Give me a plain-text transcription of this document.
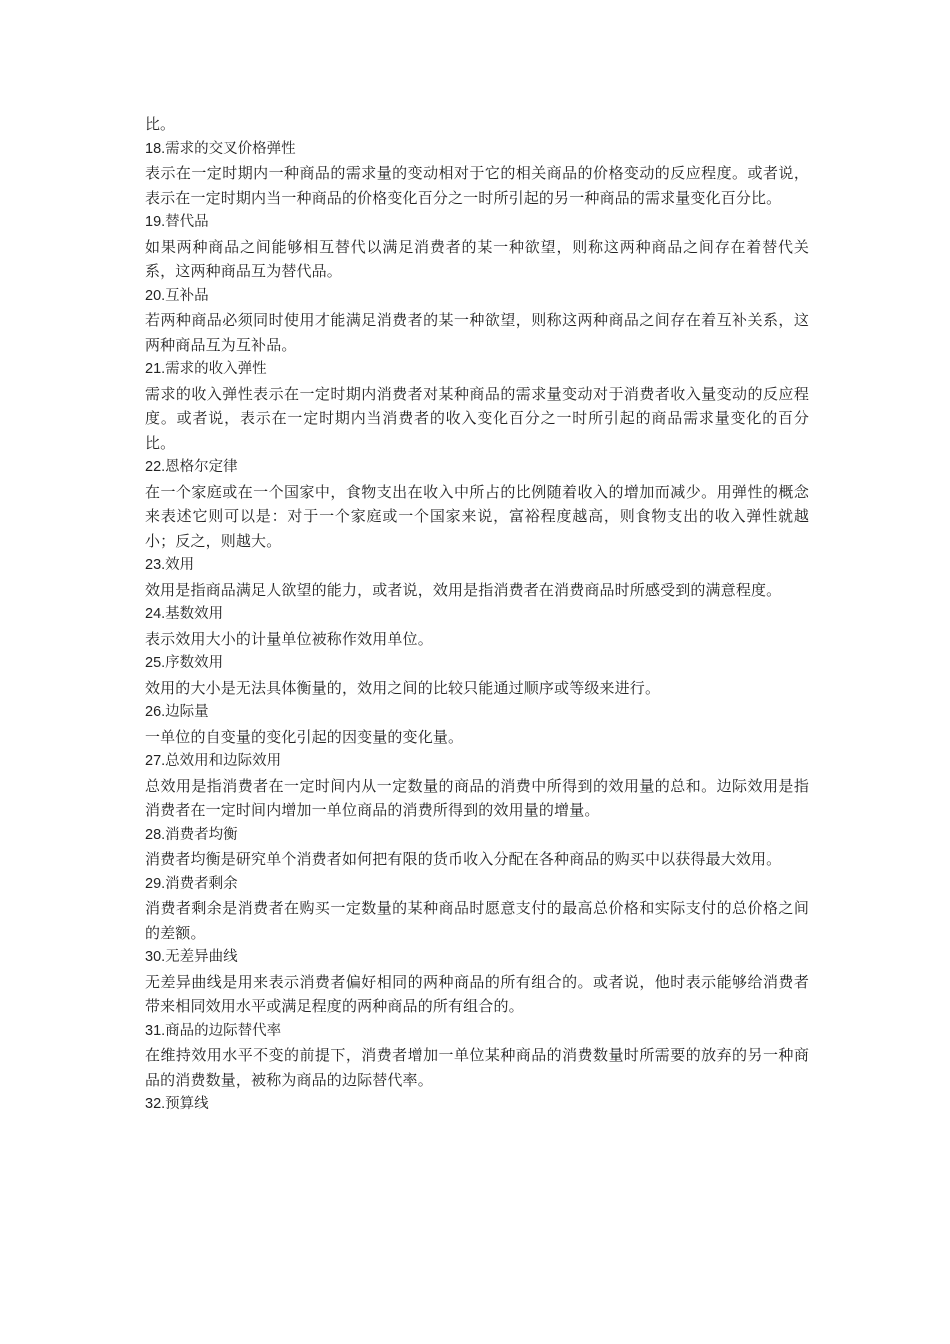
比。

18.需求的交叉价格弹性

表示在一定时期内一种商品的需求量的变动相对于它的相关商品的价格变动的反应程度。或者说，表示在一定时期内当一种商品的价格变化百分之一时所引起的另一种商品的需求量变化百分比。

19.替代品

如果两种商品之间能够相互替代以满足消费者的某一种欲望，则称这两种商品之间存在着替代关系，这两种商品互为替代品。

20.互补品

若两种商品必须同时使用才能满足消费者的某一种欲望，则称这两种商品之间存在着互补关系，这两种商品互为互补品。

21.需求的收入弹性

需求的收入弹性表示在一定时期内消费者对某种商品的需求量变动对于消费者收入量变动的反应程度。或者说，表示在一定时期内当消费者的收入变化百分之一时所引起的商品需求量变化的百分比。

22.恩格尔定律

在一个家庭或在一个国家中，食物支出在收入中所占的比例随着收入的增加而减少。用弹性的概念来表述它则可以是：对于一个家庭或一个国家来说，富裕程度越高，则食物支出的收入弹性就越小；反之，则越大。

23.效用

效用是指商品满足人欲望的能力，或者说，效用是指消费者在消费商品时所感受到的满意程度。

24.基数效用

表示效用大小的计量单位被称作效用单位。

25.序数效用

效用的大小是无法具体衡量的，效用之间的比较只能通过顺序或等级来进行。

26.边际量

一单位的自变量的变化引起的因变量的变化量。

27.总效用和边际效用

总效用是指消费者在一定时间内从一定数量的商品的消费中所得到的效用量的总和。边际效用是指消费者在一定时间内增加一单位商品的消费所得到的效用量的增量。

28.消费者均衡

消费者均衡是研究单个消费者如何把有限的货币收入分配在各种商品的购买中以获得最大效用。

29.消费者剩余

消费者剩余是消费者在购买一定数量的某种商品时愿意支付的最高总价格和实际支付的总价格之间的差额。

30.无差异曲线

无差异曲线是用来表示消费者偏好相同的两种商品的所有组合的。或者说，他时表示能够给消费者带来相同效用水平或满足程度的两种商品的所有组合的。

31.商品的边际替代率

在维持效用水平不变的前提下，消费者增加一单位某种商品的消费数量时所需要的放弃的另一种商品的消费数量，被称为商品的边际替代率。

32.预算线
